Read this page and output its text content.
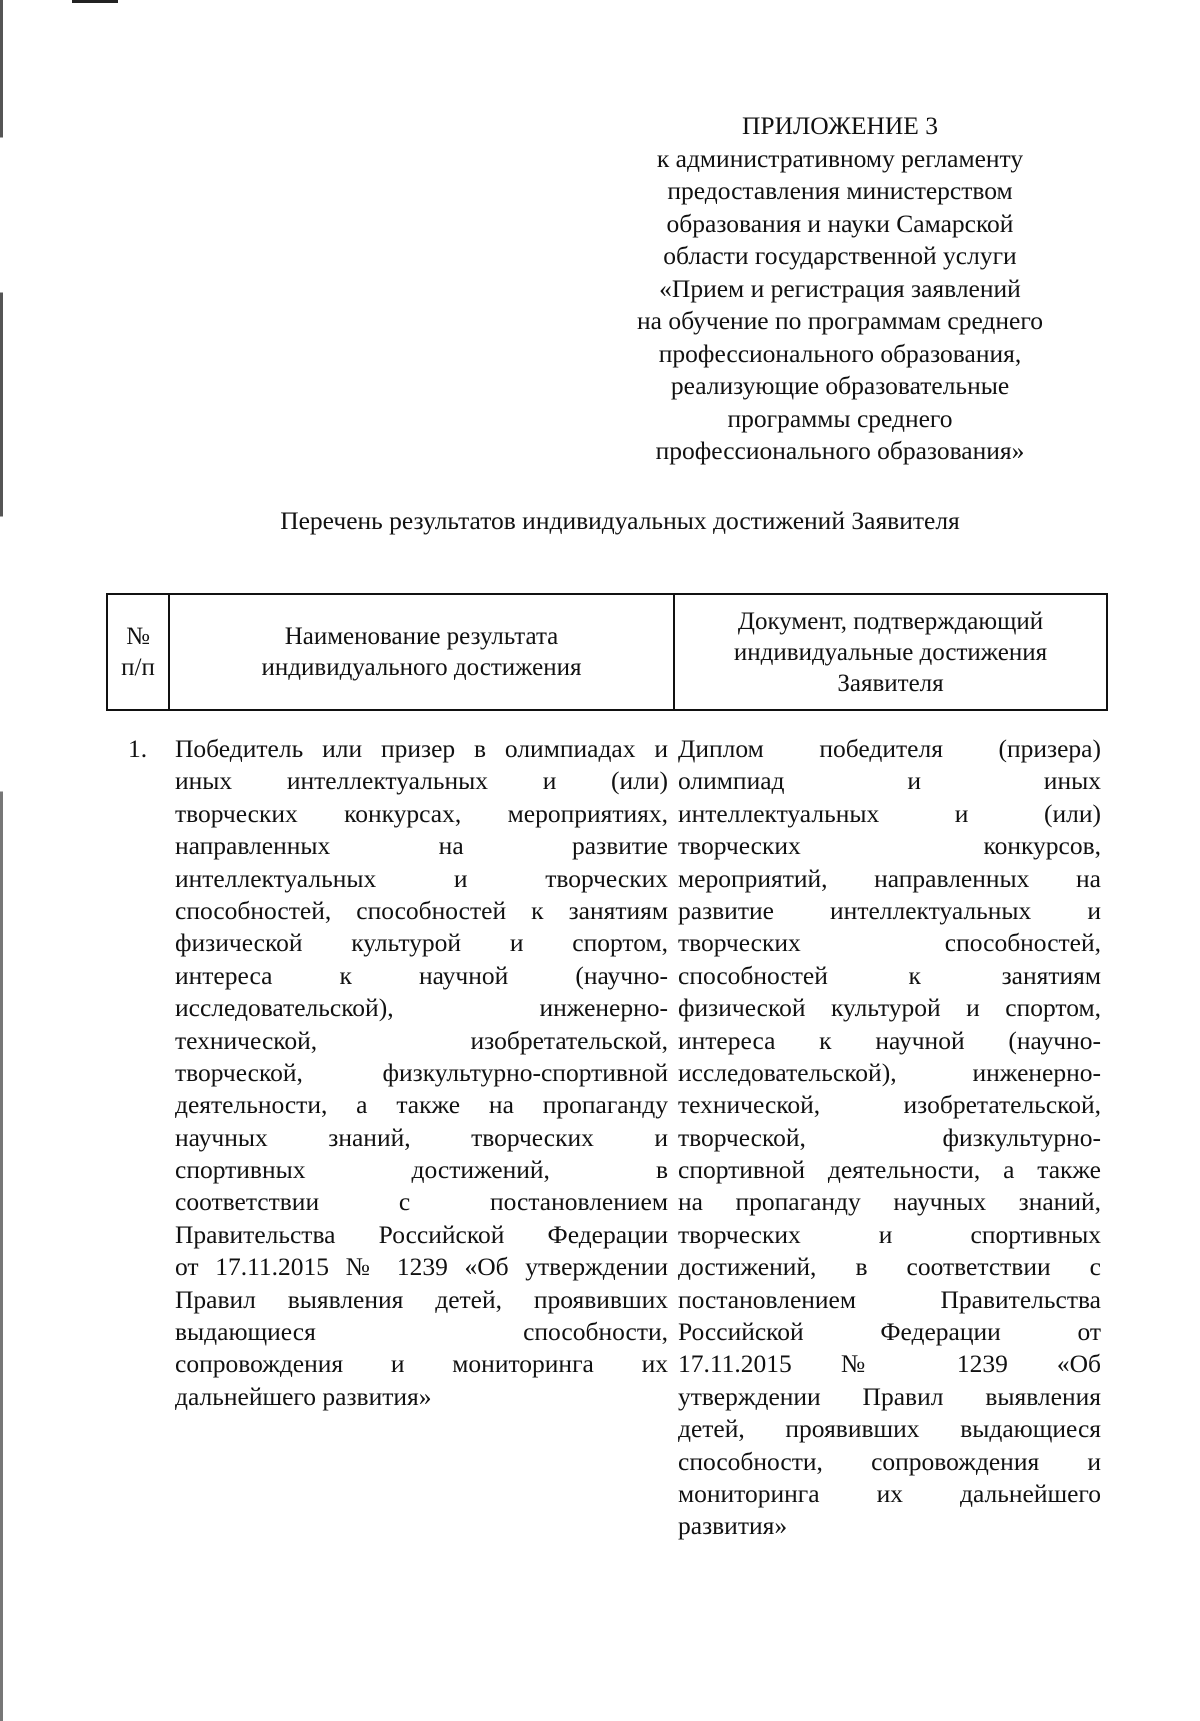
ПРИЛОЖЕНИЕ 3
к административному регламенту
предоставления министерством
образования и науки Самарской
области государственной услуги
«Прием и регистрация заявлений
на обучение по программам среднего
профессионального образования,
реализующие образовательные
программы среднего
профессионального образования»
Перечень результатов индивидуальных достижений Заявителя
№
п/п
Наименование результата
индивидуального достижения
Документ, подтверждающий
индивидуальные достижения
Заявителя
1. Победитель или призер в олимпиадах и
иных интеллектуальных и (или)
творческих конкурсах, мероприятиях,
направленных на развитие
интеллектуальных и творческих
способностей, способностей к занятиям
физической культурой и спортом,
интереса к научной (научно-
исследовательской), инженерно-
технической, изобретательской,
творческой, физкультурно-спортивной
деятельности, а также на пропаганду
научных знаний, творческих и
спортивных достижений, в
соответствии с постановлением
Правительства Российской Федерации
от 17.11.2015 № 1239 «Об утверждении
Правил выявления детей, проявивших
выдающиеся способности,
сопровождения и мониторинга их
дальнейшего развития»
Диплом победителя (призера)
олимпиад и иных
интеллектуальных и (или)
творческих конкурсов,
мероприятий, направленных на
развитие интеллектуальных и
творческих способностей,
способностей к занятиям
физической культурой и спортом,
интереса к научной (научно-
исследовательской), инженерно-
технической, изобретательской,
творческой, физкультурно-
спортивной деятельности, а также
на пропаганду научных знаний,
творческих и спортивных
достижений, в соответствии с
постановлением Правительства
Российской Федерации от
17.11.2015 № 1239 «Об
утверждении Правил выявления
детей, проявивших выдающиеся
способности, сопровождения и
мониторинга их дальнейшего
развития»
